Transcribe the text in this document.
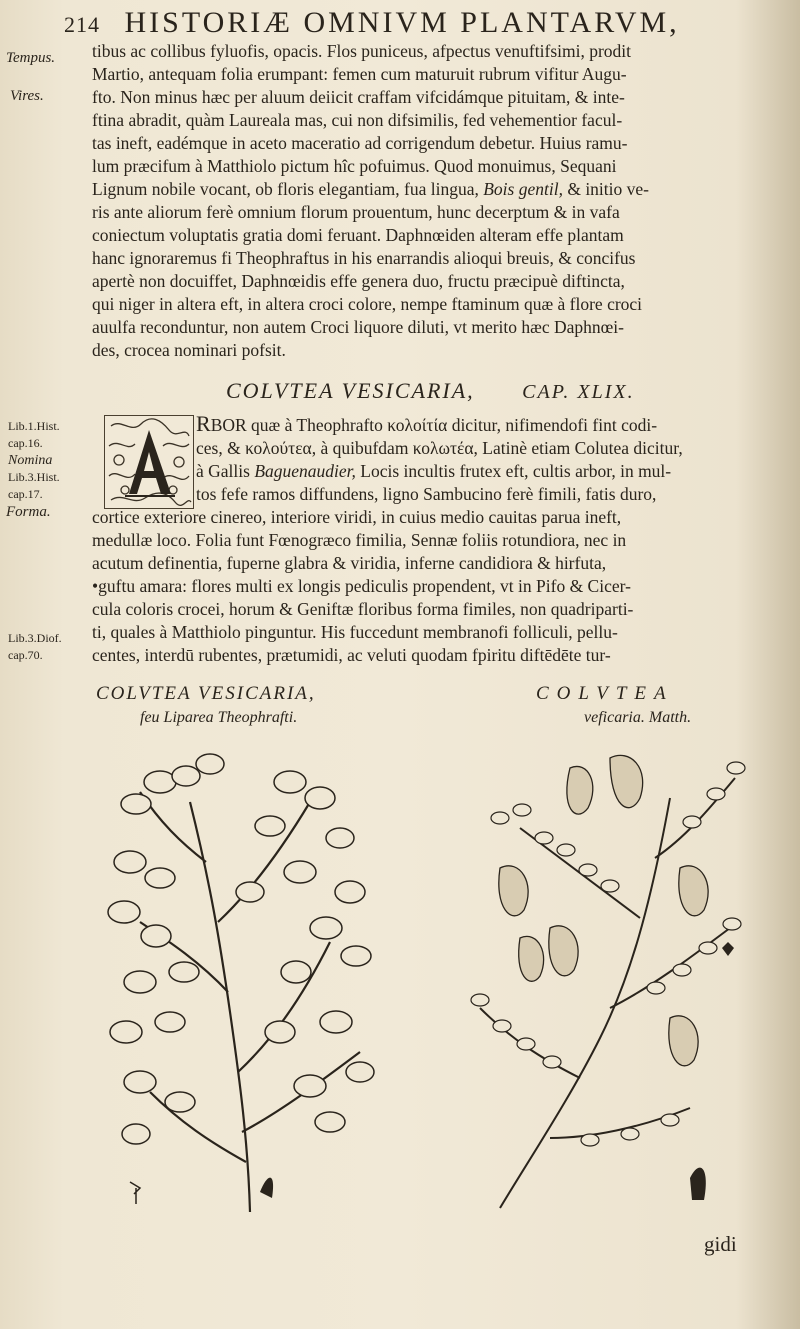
214 HISTORIÆ OMNIVM PLANTARVM,
Tempus.
Vires.
Lib.1.Hist.
cap.16.
Nomina
Lib.3.Hist.
cap.17.
Forma.
Lib.3.Diof.
cap.70.
tibus ac collibus fyluofis, opacis. Flos puniceus, afpectus venuftifsimi, prodit
Martio, antequam folia erumpant: femen cum maturuit rubrum vifitur Augu-
fto. Non minus hæc per aluum deiicit craffam vifcidámque pituitam, & inte-
ftina abradit, quàm Laureala mas, cui non difsimilis, fed vehementior facul-
tas ineft, eadémque in aceto maceratio ad corrigendum debetur. Huius ramu-
lum præcifum à Matthiolo pictum hîc pofuimus. Quod monuimus, Sequani
Lignum nobile vocant, ob floris elegantiam, fua lingua, Bois gentil, & initio ve-
ris ante aliorum ferè omnium florum prouentum, hunc decerptum & in vafa
coniectum voluptatis gratia domi feruant. Daphnœiden alteram effe plantam
hanc ignoraremus fi Theophraftus in his enarrandis alioqui breuis, & concifus
apertè non docuiffet, Daphnœidis effe genera duo, fructu præcipuè diftincta,
qui niger in altera eft, in altera croci colore, nempe ftaminum quæ à flore croci
auulfa reconduntur, non autem Croci liquore diluti, vt merito hæc Daphnœi-
des, crocea nominari pofsit.
COLVTEA VESICARIA, CAP. XLIX.
RBOR quæ à Theophrafto κολοίτία dicitur, nifimendofi fint codi-
ces, & κολούτεα, à quibufdam κολωτέα, Latinè etiam Colutea dicitur,
à Gallis Baguenaudier, Locis incultis frutex eft, cultis arbor, in mul-
tos fefe ramos diffundens, ligno Sambucino ferè fimili, fatis duro,
cortice exteriore cinereo, interiore viridi, in cuius medio cauitas parua ineft,
medullæ loco. Folia funt Fœnogræco fimilia, Sennæ foliis rotundiora, nec in
acutum definentia, fuperne glabra & viridia, inferne candidiora & hirfuta,
•guftu amara: flores multi ex longis pediculis propendent, vt in Pifo & Cicer-
cula coloris crocei, horum & Geniftæ floribus forma fimiles, non quadriparti-
ti, quales à Matthiolo pinguntur. His fuccedunt membranofi folliculi, pellu-
centes, interdū rubentes, prætumidi, ac veluti quodam fpiritu diftēdēte tur-
COLVTEA VESICARIA,
feu Liparea Theophrafti.
COLVTEA
veficaria. Matth.
gidi
